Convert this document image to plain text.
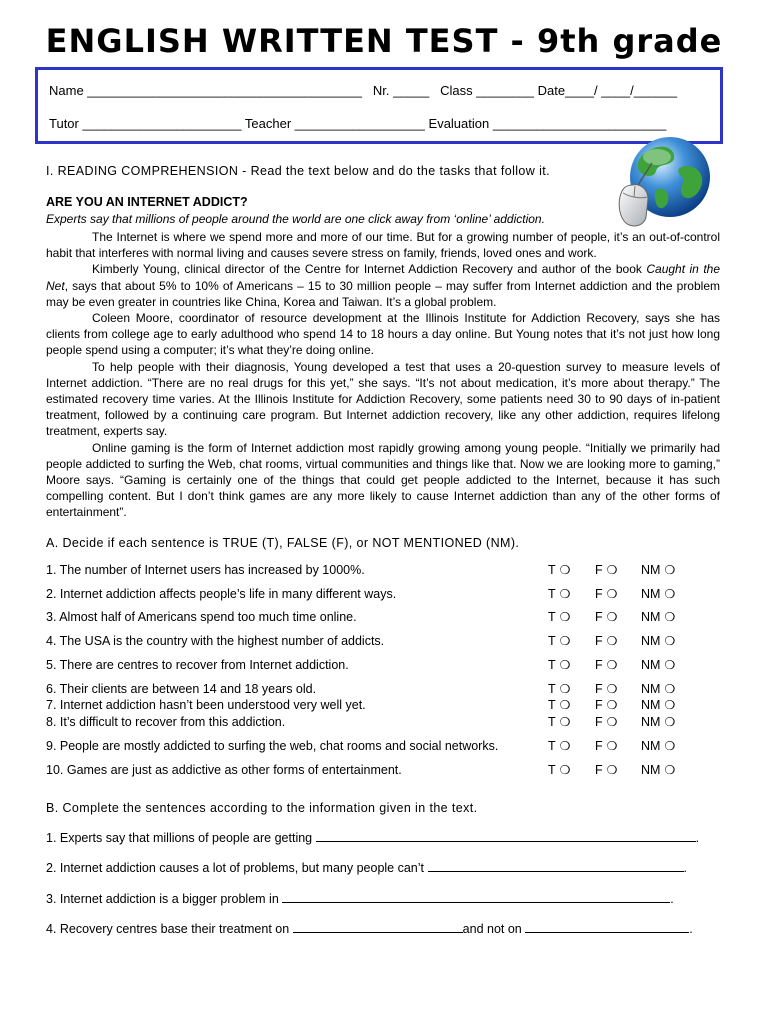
ENGLISH WRITTEN TEST - 9th grade
Name ______________________________________   Nr. _____   Class ________ Date____/ ____/______
Tutor ______________________ Teacher __________________ Evaluation ________________________
I. READING COMPREHENSION - Read the text below and do the tasks that follow it.
ARE YOU AN INTERNET ADDICT?
Experts say that millions of people around the world are one click away from ‘online’ addiction.

The Internet is where we spend more and more of our time. But for a growing number of people, it’s an out-of-control habit that interferes with normal living and causes severe stress on family, friends, loved ones and work.

Kimberly Young, clinical director of the Centre for Internet Addiction Recovery and author of the book Caught in the Net, says that about 5% to 10% of Americans – 15 to 30 million people – may suffer from Internet addiction and the problem may be even greater in countries like China, Korea and Taiwan. It’s a global problem.

Coleen Moore, coordinator of resource development at the Illinois Institute for Addiction Recovery, says she has clients from college age to early adulthood who spend 14 to 18 hours a day online. But Young notes that it’s not just how long people spend using a computer; it’s what they’re doing online.

To help people with their diagnosis, Young developed a test that uses a 20-question survey to measure levels of Internet addiction. “There are no real drugs for this yet,” she says. “It’s not about medication, it’s more about therapy.” The estimated recovery time varies. At the Illinois Institute for Addiction Recovery, some patients need 30 to 90 days of in-patient treatment, followed by a continuing care program. But Internet addiction recovery, like any other addiction, requires lifelong treatment, experts say.

Online gaming is the form of Internet addiction most rapidly growing among young people. “Initially we primarily had people addicted to surfing the Web, chat rooms, virtual communities and things like that. Now we are looking more to gaming,” Moore says. “Gaming is certainly one of the things that could get people addicted to the Internet, because it has such compelling content. But I don’t think games are any more likely to cause Internet addiction than any of the other forms of entertainment”.

A. Decide if each sentence is TRUE (T), FALSE (F), or NOT MENTIONED (NM).
1. The number of Internet users has increased by 1000%.	T ❍ F ❍ NM ❍
2. Internet addiction affects people’s life in many different ways.	T ❍ F ❍ NM ❍
3. Almost half of Americans spend too much time online.	T ❍ F ❍ NM ❍
4. The USA is the country with the highest number of addicts.	T ❍ F ❍ NM ❍
5. There are centres to recover from Internet addiction.	T ❍ F ❍ NM ❍
6. Their clients are between 14 and 18 years old.	T ❍ F ❍ NM ❍
7. Internet addiction hasn’t been understood very well yet.	T ❍ F ❍ NM ❍
8. It’s difficult to recover from this addiction.	T ❍ F ❍ NM ❍
9. People are mostly addicted to surfing the web, chat rooms and social networks.	T ❍ F ❍ NM ❍
10. Games are just as addictive as other forms of entertainment.	T ❍ F ❍ NM ❍
B. Complete the sentences according to the information given in the text.
1. Experts say that millions of people are getting	.
2. Internet addiction causes a lot of problems, but many people can’t	.
3. Internet addiction is a bigger problem in	.
4. Recovery centres base their treatment on	and not on	.
